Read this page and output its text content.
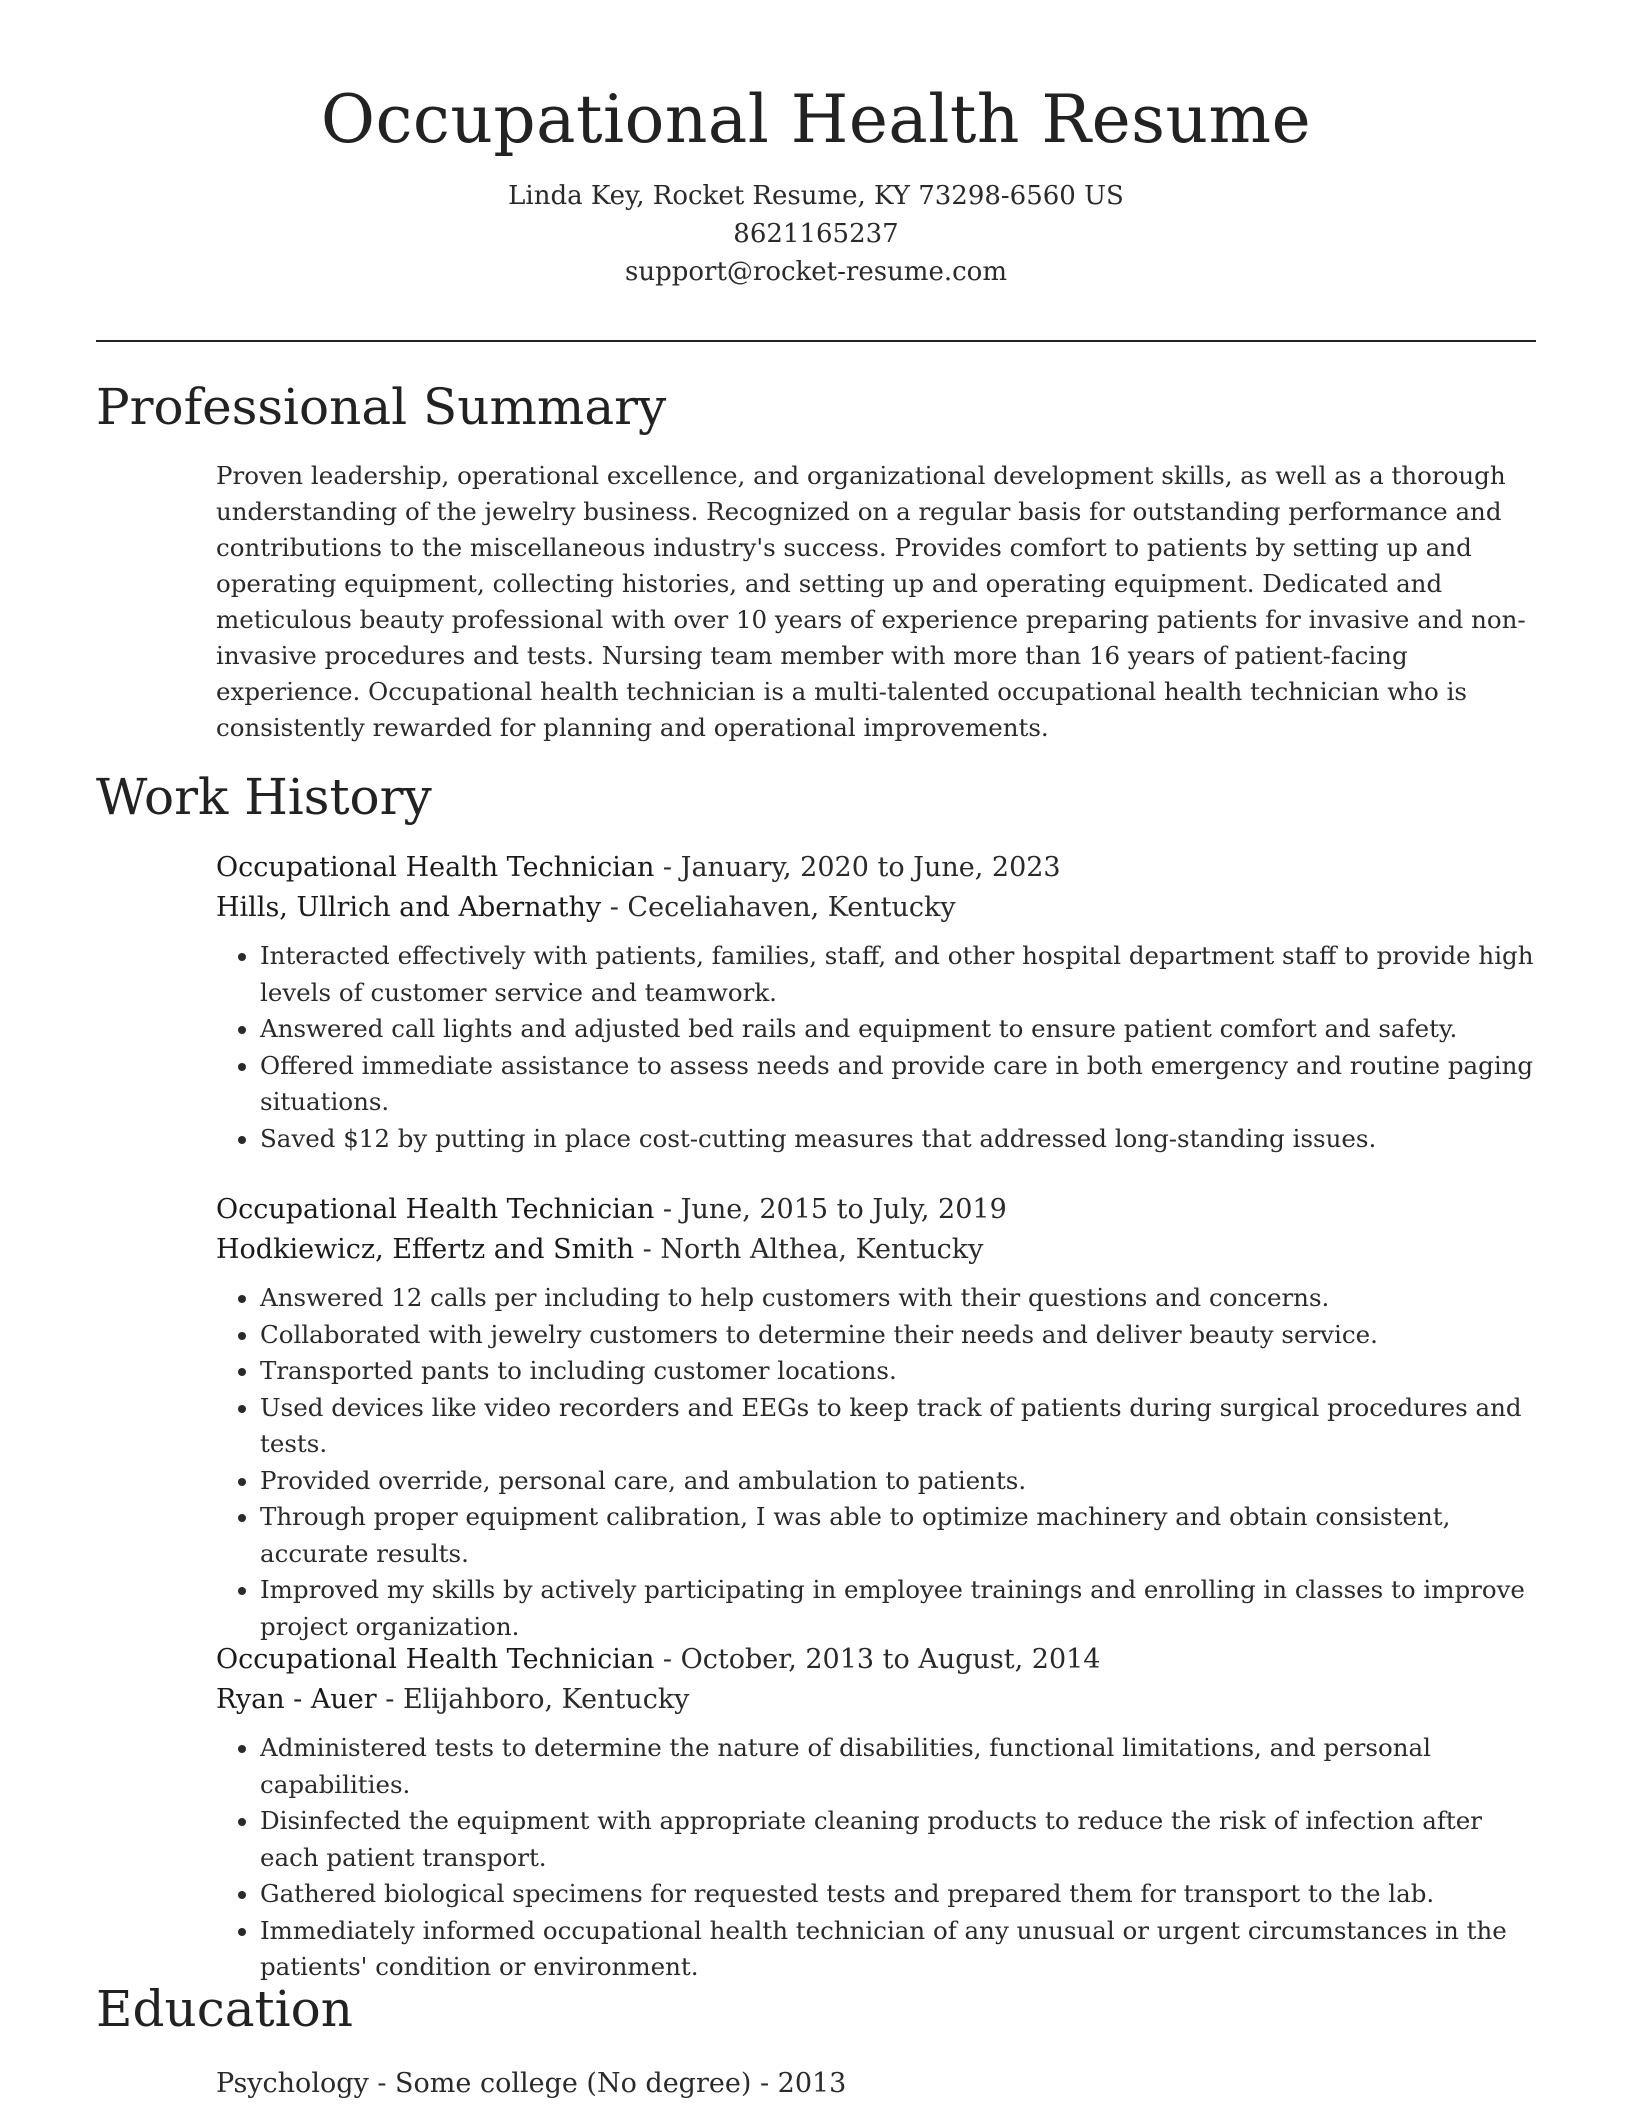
Occupational Health Resume
Linda Key, Rocket Resume, KY 73298-6560 US
8621165237
support@rocket-resume.com
Professional Summary

Proven leadership, operational excellence, and organizational development skills, as well as a thorough understanding of the jewelry business. Recognized on a regular basis for outstanding performance and contributions to the miscellaneous industry's success. Provides comfort to patients by setting up and operating equipment, collecting histories, and setting up and operating equipment. Dedicated and meticulous beauty professional with over 10 years of experience preparing patients for invasive and non-invasive procedures and tests. Nursing team member with more than 16 years of patient-facing experience. Occupational health technician is a multi-talented occupational health technician who is consistently rewarded for planning and operational improvements.

Work History
Occupational Health Technician - January, 2020 to June, 2023
Hills, Ullrich and Abernathy - Ceceliahaven, Kentucky
• Interacted effectively with patients, families, staff, and other hospital department staff to provide high levels of customer service and teamwork.
• Answered call lights and adjusted bed rails and equipment to ensure patient comfort and safety.
• Offered immediate assistance to assess needs and provide care in both emergency and routine paging situations.
• Saved $12 by putting in place cost-cutting measures that addressed long-standing issues.
Occupational Health Technician - June, 2015 to July, 2019
Hodkiewicz, Effertz and Smith - North Althea, Kentucky
• Answered 12 calls per including to help customers with their questions and concerns.
• Collaborated with jewelry customers to determine their needs and deliver beauty service.
• Transported pants to including customer locations.
• Used devices like video recorders and EEGs to keep track of patients during surgical procedures and tests.
• Provided override, personal care, and ambulation to patients.
• Through proper equipment calibration, I was able to optimize machinery and obtain consistent, accurate results.
• Improved my skills by actively participating in employee trainings and enrolling in classes to improve project organization.
Occupational Health Technician - October, 2013 to August, 2014
Ryan - Auer - Elijahboro, Kentucky
• Administered tests to determine the nature of disabilities, functional limitations, and personal capabilities.
• Disinfected the equipment with appropriate cleaning products to reduce the risk of infection after each patient transport.
• Gathered biological specimens for requested tests and prepared them for transport to the lab.
• Immediately informed occupational health technician of any unusual or urgent circumstances in the patients' condition or environment.
Education
Psychology - Some college (No degree) - 2013
